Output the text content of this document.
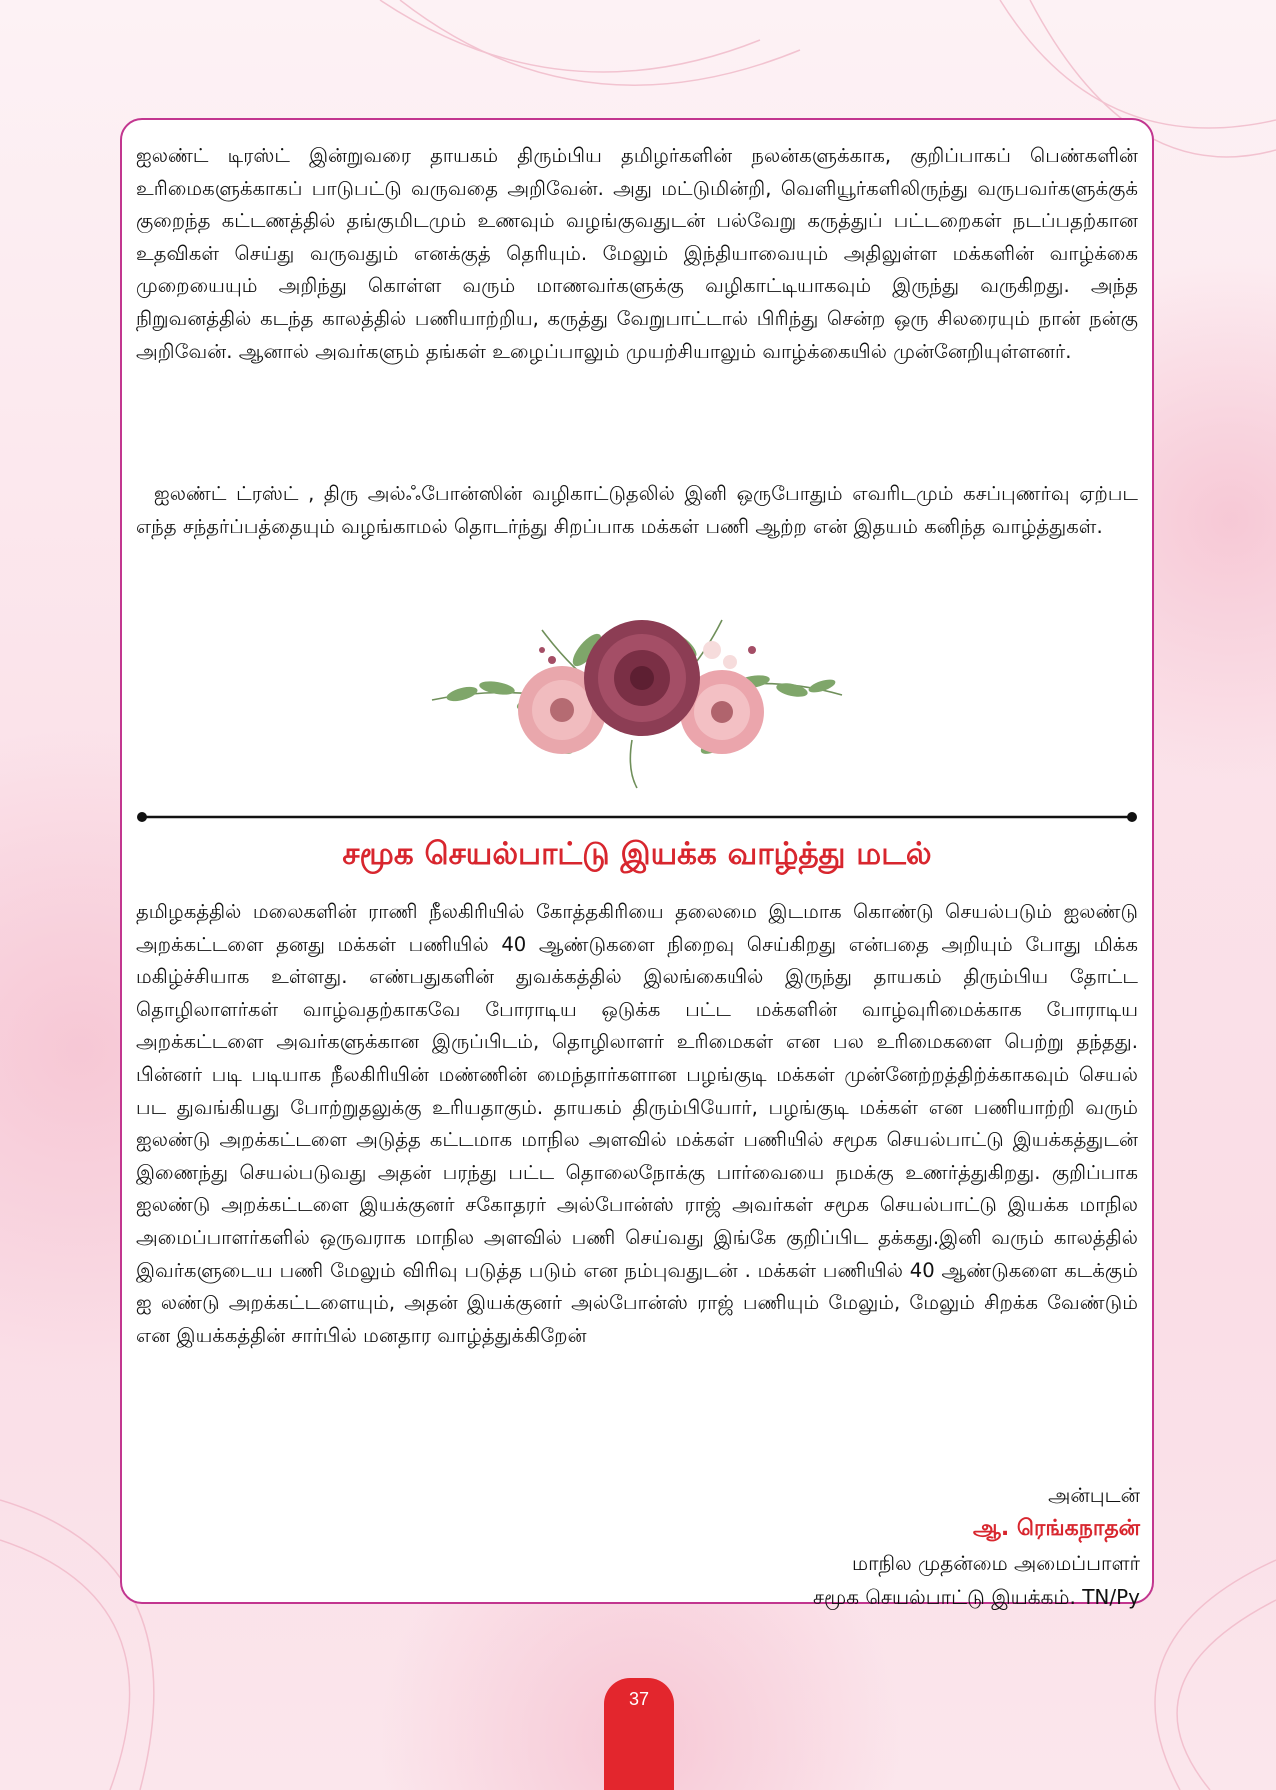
ஐலண்ட் டிரஸ்ட் இன்றுவரை தாயகம் திரும்பிய தமிழர்களின் நலன்களுக்காக, குறிப்பாகப் பெண்களின் உரிமைகளுக்காகப் பாடுபட்டு வருவதை அறிவேன். அது மட்டுமின்றி, வெளியூர்களிலிருந்து வருபவர்களுக்குக் குறைந்த கட்டணத்தில் தங்குமிடமும் உணவும் வழங்குவதுடன் பல்வேறு கருத்துப் பட்டறைகள் நடப்பதற்கான உதவிகள் செய்து வருவதும் எனக்குத் தெரியும். மேலும் இந்தியாவையும் அதிலுள்ள மக்களின் வாழ்க்கை முறையையும் அறிந்து கொள்ள வரும் மாணவர்களுக்கு வழிகாட்டியாகவும் இருந்து வருகிறது. அந்த நிறுவனத்தில் கடந்த காலத்தில் பணியாற்றிய, கருத்து வேறுபாட்டால் பிரிந்து சென்ற ஒரு சிலரையும் நான் நன்கு அறிவேன். ஆனால் அவர்களும் தங்கள் உழைப்பாலும் முயற்சியாலும் வாழ்க்கையில் முன்னேறியுள்ளனர்.
ஐலண்ட் ட்ரஸ்ட் , திரு அல்ஃபோன்ஸின் வழிகாட்டுதலில் இனி ஒருபோதும் எவரிடமும் கசப்புணர்வு ஏற்பட எந்த சந்தர்ப்பத்தையும் வழங்காமல் தொடர்ந்து சிறப்பாக மக்கள் பணி ஆற்ற என் இதயம் கனிந்த வாழ்த்துகள்.
சமூக செயல்பாட்டு இயக்க வாழ்த்து மடல்
தமிழகத்தில் மலைகளின் ராணி நீலகிரியில் கோத்தகிரியை தலைமை இடமாக கொண்டு செயல்படும் ஐலண்டு அறக்கட்டளை தனது மக்கள் பணியில் 40 ஆண்டுகளை நிறைவு செய்கிறது என்பதை அறியும் போது மிக்க மகிழ்ச்சியாக உள்ளது. எண்பதுகளின் துவக்கத்தில் இலங்கையில் இருந்து தாயகம் திரும்பிய தோட்ட தொழிலாளர்கள் வாழ்வதற்காகவே போராடிய ஒடுக்க பட்ட மக்களின் வாழ்வுரிமைக்காக போராடிய அறக்கட்டளை அவர்களுக்கான இருப்பிடம், தொழிலாளர் உரிமைகள் என பல உரிமைகளை பெற்று தந்தது. பின்னர் படி படியாக நீலகிரியின் மண்ணின் மைந்தார்களான பழங்குடி மக்கள் முன்னேற்றத்திற்க்காகவும் செயல் பட துவங்கியது போற்றுதலுக்கு உரியதாகும். தாயகம் திரும்பியோர், பழங்குடி மக்கள் என பணியாற்றி வரும் ஐலண்டு அறக்கட்டளை அடுத்த கட்டமாக மாநில அளவில் மக்கள் பணியில் சமூக செயல்பாட்டு இயக்கத்துடன் இணைந்து செயல்படுவது அதன் பரந்து பட்ட தொலைநோக்கு பார்வையை நமக்கு உணர்த்துகிறது. குறிப்பாக ஐலண்டு அறக்கட்டளை இயக்குனர் சகோதரர் அல்போன்ஸ் ராஜ் அவர்கள் சமூக செயல்பாட்டு இயக்க மாநில அமைப்பாளர்களில் ஒருவராக மாநில அளவில் பணி செய்வது இங்கே குறிப்பிட தக்கது.இனி வரும் காலத்தில் இவர்களுடைய பணி மேலும் விரிவு படுத்த படும் என நம்புவதுடன் . மக்கள் பணியில் 40 ஆண்டுகளை கடக்கும் ஐ லண்டு அறக்கட்டளையும், அதன் இயக்குனர் அல்போன்ஸ் ராஜ் பணியும் மேலும், மேலும் சிறக்க வேண்டும் என இயக்கத்தின் சார்பில் மனதார வாழ்த்துக்கிறேன்
அன்புடன்
ஆ. ரெங்கநாதன்
மாநில முதன்மை அமைப்பாளர்
சமூக செயல்பாட்டு இயக்கம். TN/Py
37
